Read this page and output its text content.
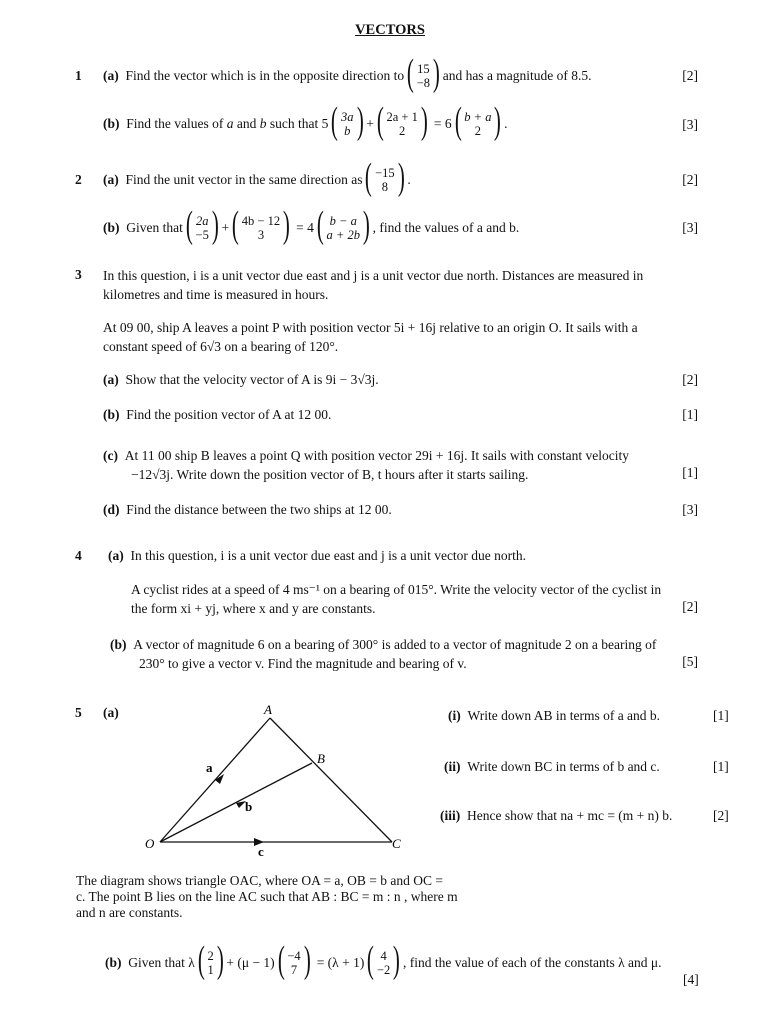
VECTORS
1 (a)
Find the vector which is in the opposite direction to ( 15
−8 ) and has a magnitude of 8.5.	[2]
(b)
Find the values of
a
and
b
such that 5 ( 3a
b ) + ( 2a + 1
2 )
= 6 ( b + a
2 ) .	[3]
2 (a)
Find the unit vector in the same direction as ( −15
8 ) .	[2]
(b)
Given that ( 2a
−5 ) + ( 4b − 12
3 )
= 4 ( b − a
a + 2b ) , find the values of a and b.	[3]
3 In this question, i is a unit vector due east and j is a unit vector due north. Distances are measured in
kilometres and time is measured in hours.
At 09 00, ship A leaves a point P with position vector 5i + 16j relative to an origin O. It sails with a
constant speed of 6√3 on a bearing of 120°.
(a) Show that the velocity vector of A is 9i − 3√3j.	[2]
(b) Find the position vector of A at 12 00.	[1]
(c) At 11 00 ship B leaves a point Q with position vector 29i + 16j. It sails with constant velocity
−12√3j. Write down the position vector of B, t hours after it starts sailing.	[1]
(d) Find the distance between the two ships at 12 00.	[3]
4 (a) In this question, i is a unit vector due east and j is a unit vector due north.
A cyclist rides at a speed of 4 ms⁻¹ on a bearing of 015°. Write the velocity vector of the cyclist in
the form xi + yj, where x and y are constants.	[2]
(b) A vector of magnitude 6 on a bearing of 300° is added to a vector of magnitude 2 on a bearing of
230° to give a vector v. Find the magnitude and bearing of v.	[5]
5 (a)	A
B
O	C
a
b
c
(i) Write down AB in terms of a and b.	[1]
(ii) Write down BC in terms of b and c.	[1]
(iii) Hence show that na + mc = (m + n) b.	[2]
The diagram shows triangle OAC, where OA = a, OB = b and OC =
c. The point B lies on the line AC such that AB : BC = m : n , where m
and n are constants.
(b)
Given that λ ( 2
1 ) + (μ − 1) ( −4
7 )
= (λ + 1) ( 4
−2 ) , find the value of each of the constants λ and μ.
[4]
